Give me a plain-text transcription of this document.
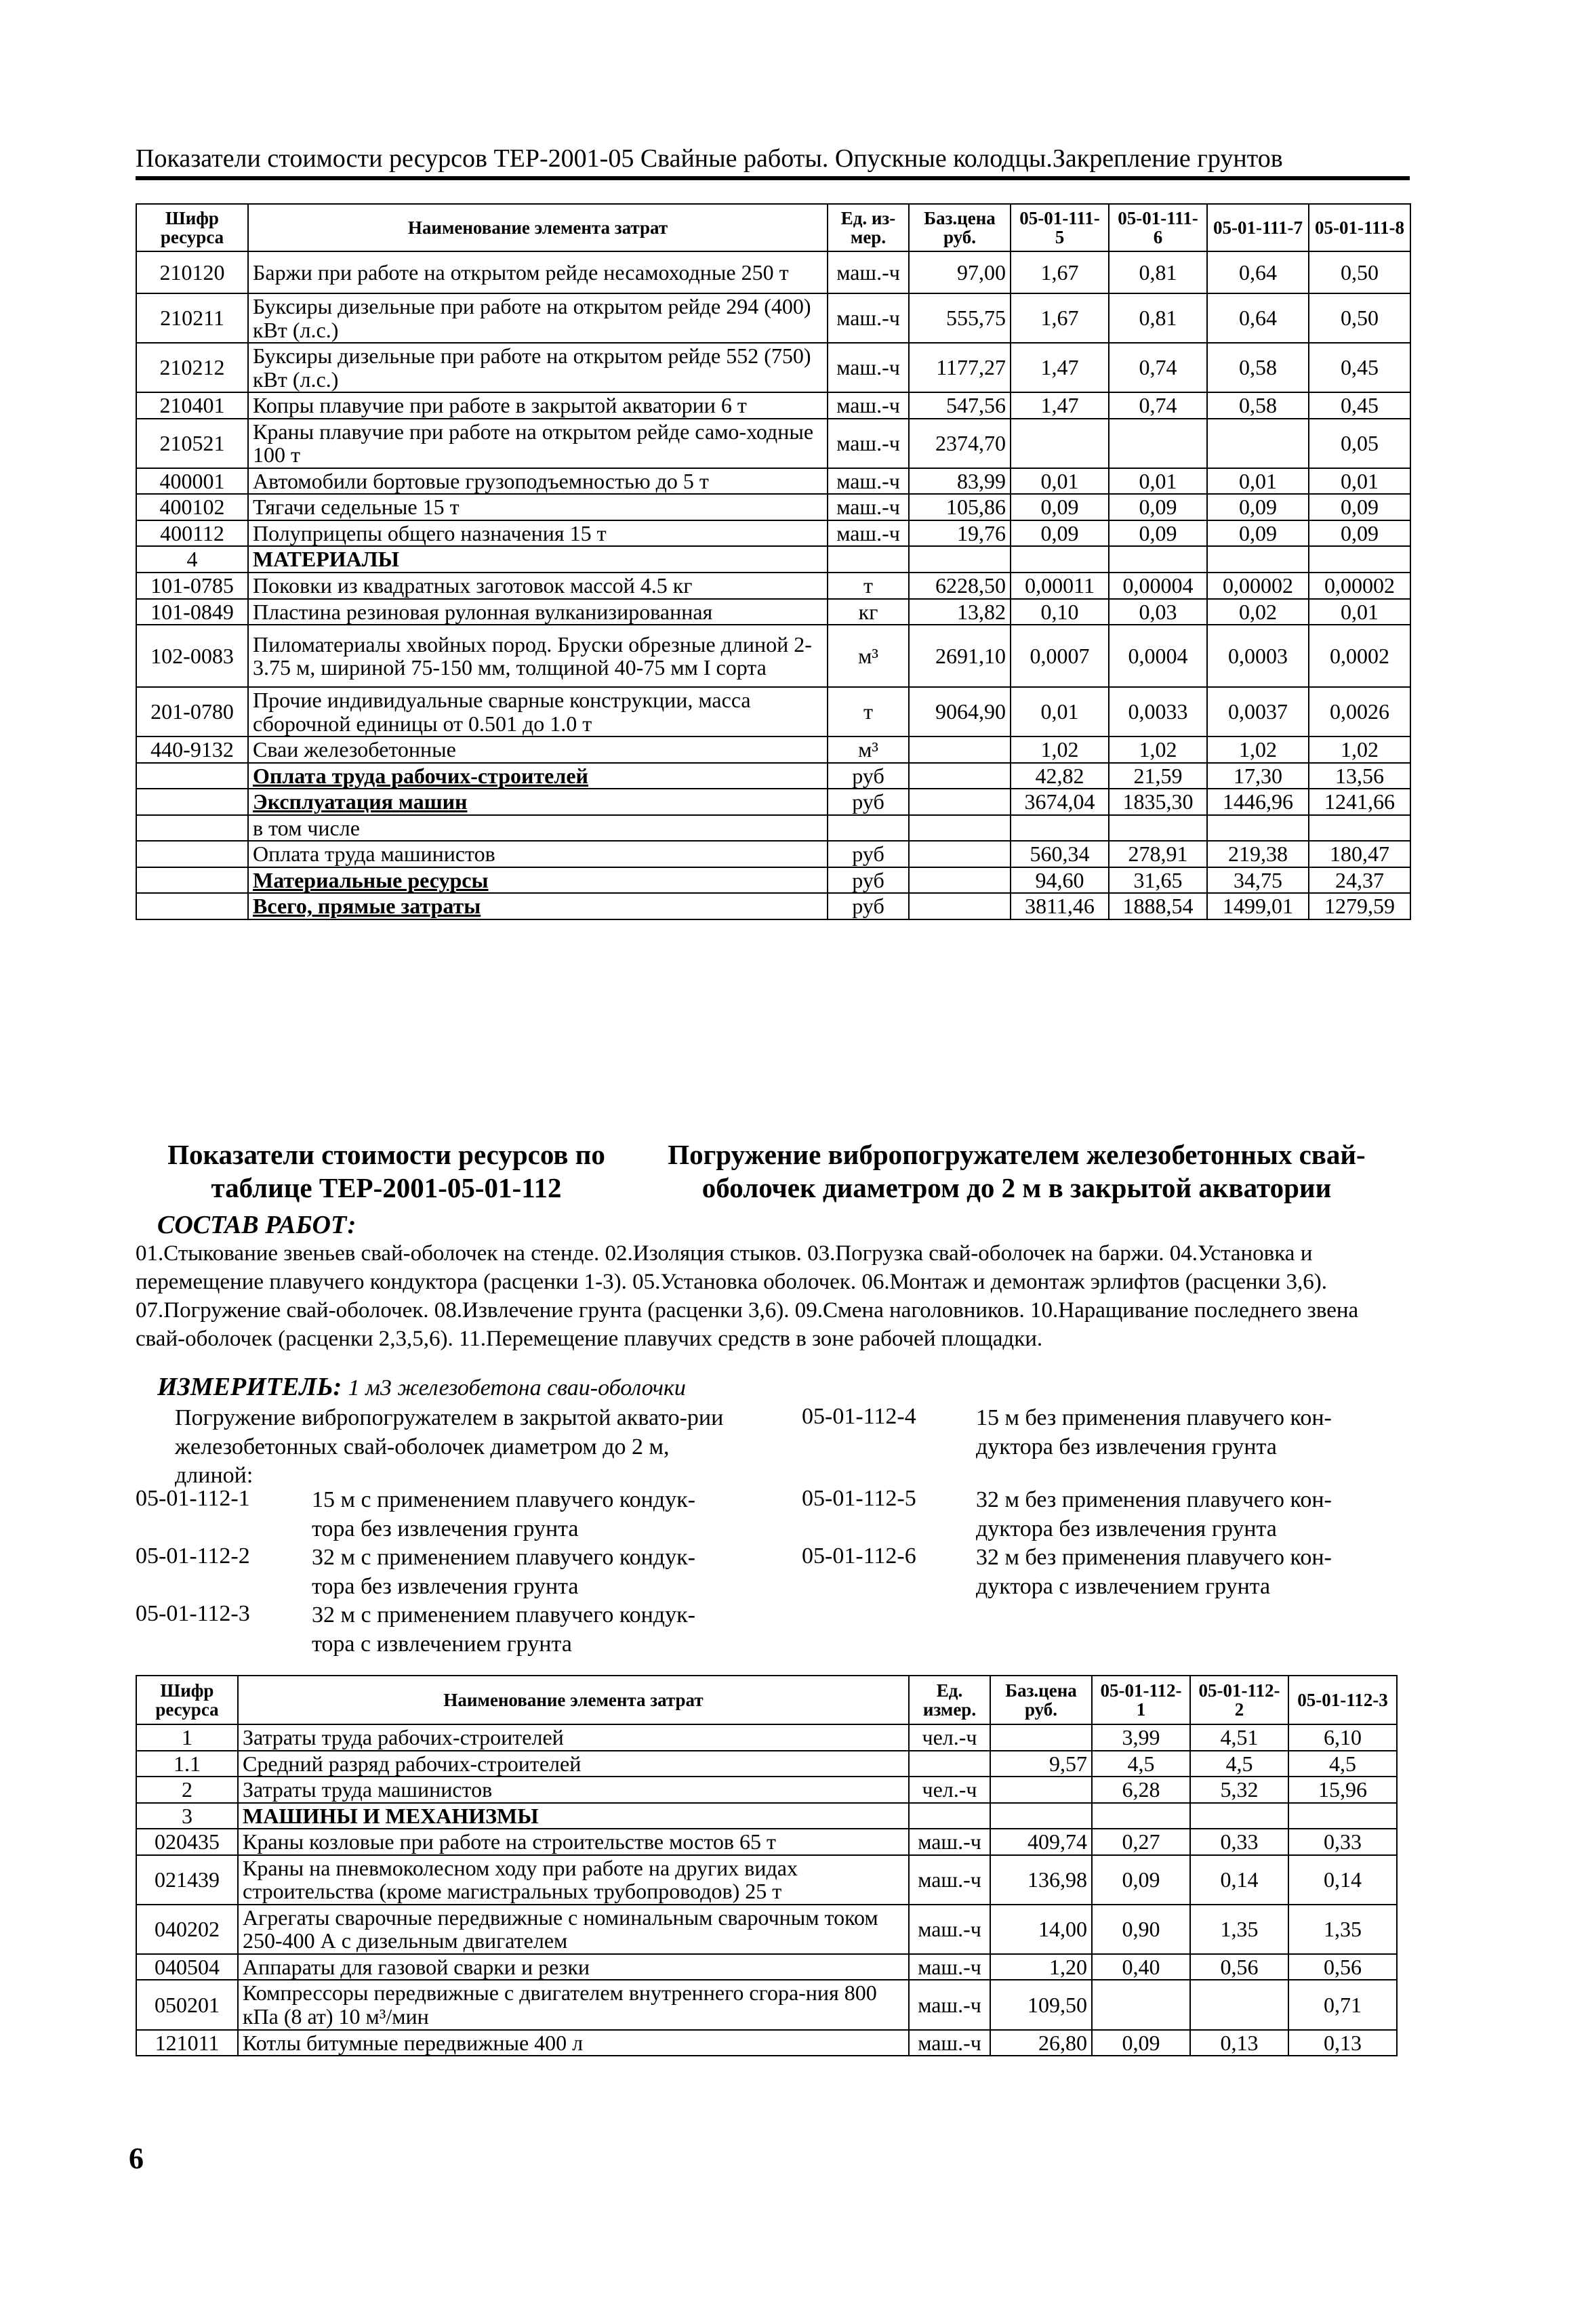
Показатели стоимости ресурсов ТЕР-2001-05 Свайные работы. Опускные колодцы.Закрепление грунтов
Шифр ресурса	Наименование элемента затрат	Ед. из-мер.	Баз.цена руб.	05-01-111-5	05-01-111-6	05-01-111-7	05-01-111-8
210120	Баржи при работе на открытом рейде несамоходные 250 т	маш.-ч	97,00	1,67	0,81	0,64	0,50
210211	Буксиры дизельные при работе на открытом рейде 294 (400) кВт (л.с.)	маш.-ч	555,75	1,67	0,81	0,64	0,50
210212	Буксиры дизельные при работе на открытом рейде 552 (750) кВт (л.с.)	маш.-ч	1177,27	1,47	0,74	0,58	0,45
210401	Копры плавучие при работе в закрытой акватории 6 т	маш.-ч	547,56	1,47	0,74	0,58	0,45
210521	Краны плавучие при работе на открытом рейде само-ходные 100 т	маш.-ч	2374,70				0,05
400001	Автомобили бортовые грузоподъемностью до 5 т	маш.-ч	83,99	0,01	0,01	0,01	0,01
400102	Тягачи седельные 15 т	маш.-ч	105,86	0,09	0,09	0,09	0,09
400112	Полуприцепы общего назначения 15 т	маш.-ч	19,76	0,09	0,09	0,09	0,09
4	МАТЕРИАЛЫ						
101-0785	Поковки из квадратных заготовок массой 4.5 кг	т	6228,50	0,00011	0,00004	0,00002	0,00002
101-0849	Пластина резиновая рулонная вулканизированная	кг	13,82	0,10	0,03	0,02	0,01
102-0083	Пиломатериалы хвойных пород. Бруски обрезные длиной 2-3.75 м, шириной 75-150 мм, толщиной 40-75 мм I сорта	м³	2691,10	0,0007	0,0004	0,0003	0,0002
201-0780	Прочие индивидуальные сварные конструкции, масса сборочной единицы от 0.501 до 1.0 т	т	9064,90	0,01	0,0033	0,0037	0,0026
440-9132	Сваи железобетонные	м³		1,02	1,02	1,02	1,02
	Оплата труда рабочих-строителей	руб		42,82	21,59	17,30	13,56
	Эксплуатация машин	руб		3674,04	1835,30	1446,96	1241,66
	в том числе						
	Оплата труда машинистов	руб		560,34	278,91	219,38	180,47
	Материальные ресурсы	руб		94,60	31,65	34,75	24,37
	Всего, прямые затраты	руб		3811,46	1888,54	1499,01	1279,59
Показатели стоимости ресурсов по таблице ТЕР-2001-05-01-112
Погружение вибропогружателем железобетонных свай-оболочек диаметром до 2 м в закрытой акватории
СОСТАВ РАБОТ:
01.Стыкование звеньев свай-оболочек на стенде. 02.Изоляция стыков. 03.Погрузка свай-оболочек на баржи. 04.Установка и перемещение плавучего кондуктора (расценки 1-3). 05.Установка оболочек. 06.Монтаж и демонтаж эрлифтов (расценки 3,6). 07.Погружение свай-оболочек. 08.Извлечение грунта (расценки 3,6). 09.Смена наголовников. 10.Наращивание последнего звена свай-оболочек (расценки 2,3,5,6). 11.Перемещение плавучих средств в зоне рабочей площадки.
ИЗМЕРИТЕЛЬ: 1 м3 железобетона сваи-оболочки
Погружение вибропогружателем в закрытой аквато-рии железобетонных свай-оболочек диаметром до 2 м, длиной:
05-01-112-1	15 м с применением плавучего кондук-тора без извлечения грунта
05-01-112-2	32 м с применением плавучего кондук-тора без извлечения грунта
05-01-112-3	32 м с применением плавучего кондук-тора с извлечением грунта
05-01-112-4	15 м без применения плавучего кон-дуктора без извлечения грунта
05-01-112-5	32 м без применения плавучего кон-дуктора без извлечения грунта
05-01-112-6	32 м без применения плавучего кон-дуктора с извлечением грунта
Шифр ресурса	Наименование элемента затрат	Ед. измер.	Баз.цена руб.	05-01-112-1	05-01-112-2	05-01-112-3
1	Затраты труда рабочих-строителей	чел.-ч		3,99	4,51	6,10
1.1	Средний разряд рабочих-строителей		9,57	4,5	4,5	4,5
2	Затраты труда машинистов	чел.-ч		6,28	5,32	15,96
3	МАШИНЫ И МЕХАНИЗМЫ					
020435	Краны козловые при работе на строительстве мостов 65 т	маш.-ч	409,74	0,27	0,33	0,33
021439	Краны на пневмоколесном ходу при работе на других видах строительства (кроме магистральных трубопроводов) 25 т	маш.-ч	136,98	0,09	0,14	0,14
040202	Агрегаты сварочные передвижные с номинальным сварочным током 250-400 А с дизельным двигателем	маш.-ч	14,00	0,90	1,35	1,35
040504	Аппараты для газовой сварки и резки	маш.-ч	1,20	0,40	0,56	0,56
050201	Компрессоры передвижные с двигателем внутреннего сгора-ния 800 кПа (8 ат) 10 м³/мин	маш.-ч	109,50			0,71
121011	Котлы битумные передвижные 400 л	маш.-ч	26,80	0,09	0,13	0,13
6
